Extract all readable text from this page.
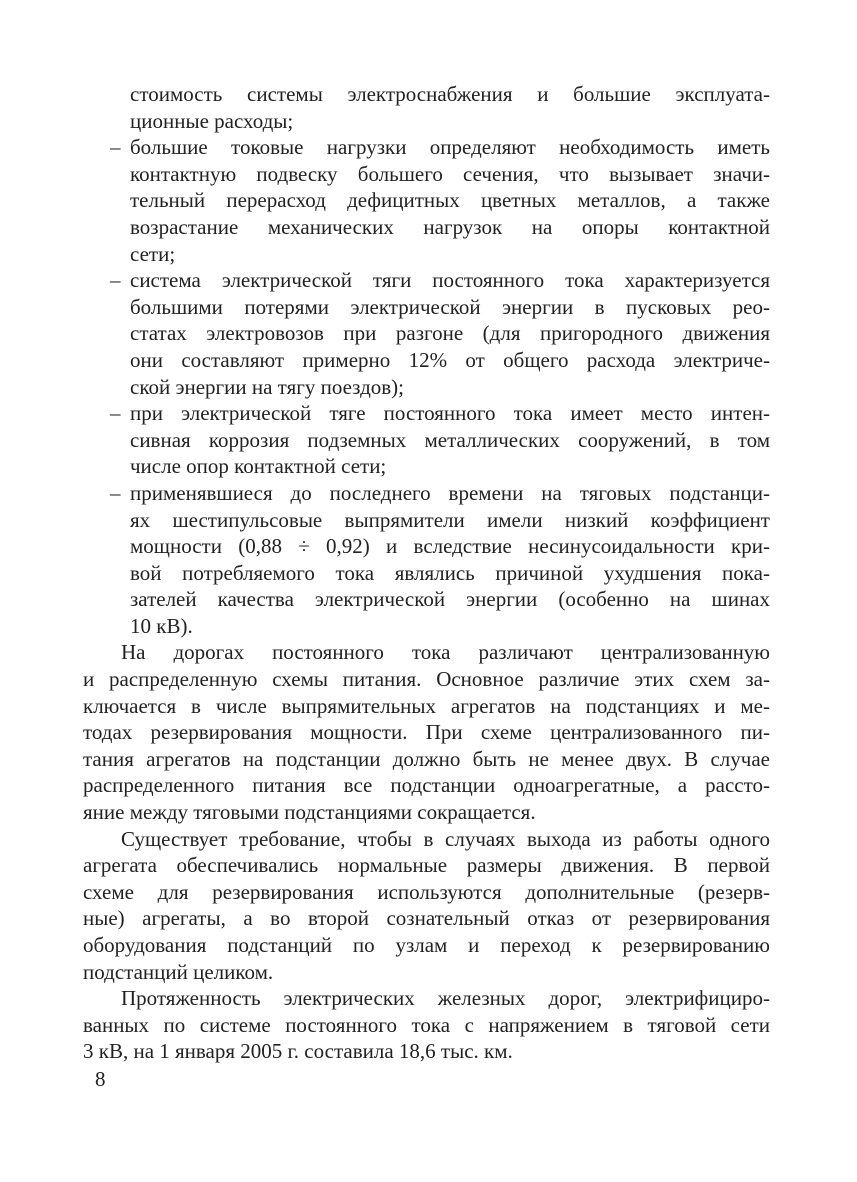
стоимость системы электроснабжения и большие эксплуата-
ционные расходы;
– большие токовые нагрузки определяют необходимость иметь
контактную подвеску большего сечения, что вызывает значи-
тельный перерасход дефицитных цветных металлов, а также
возрастание механических нагрузок на опоры контактной
сети;
– система электрической тяги постоянного тока характеризуется
большими потерями электрической энергии в пусковых рео-
статах электровозов при разгоне (для пригородного движения
они составляют примерно 12% от общего расхода электриче-
ской энергии на тягу поездов);
– при электрической тяге постоянного тока имеет место интен-
сивная коррозия подземных металлических сооружений, в том
числе опор контактной сети;
– применявшиеся до последнего времени на тяговых подстанци-
ях шестипульсовые выпрямители имели низкий коэффициент
мощности (0,88 ÷ 0,92) и вследствие несинусоидальности кри-
вой потребляемого тока являлись причиной ухудшения пока-
зателей качества электрической энергии (особенно на шинах
10 кВ).
На дорогах постоянного тока различают централизованную
и распределенную схемы питания. Основное различие этих схем за-
ключается в числе выпрямительных агрегатов на подстанциях и ме-
тодах резервирования мощности. При схеме централизованного пи-
тания агрегатов на подстанции должно быть не менее двух. В случае
распределенного питания все подстанции одноагрегатные, а рассто-
яние между тяговыми подстанциями сокращается.
Существует требование, чтобы в случаях выхода из работы одного
агрегата обеспечивались нормальные размеры движения. В первой
схеме для резервирования используются дополнительные (резерв-
ные) агрегаты, а во второй сознательный отказ от резервирования
оборудования подстанций по узлам и переход к резервированию
подстанций целиком.
Протяженность электрических железных дорог, электрифициро-
ванных по системе постоянного тока с напряжением в тяговой сети
3 кВ, на 1 января 2005 г. составила 18,6 тыс. км.
8
